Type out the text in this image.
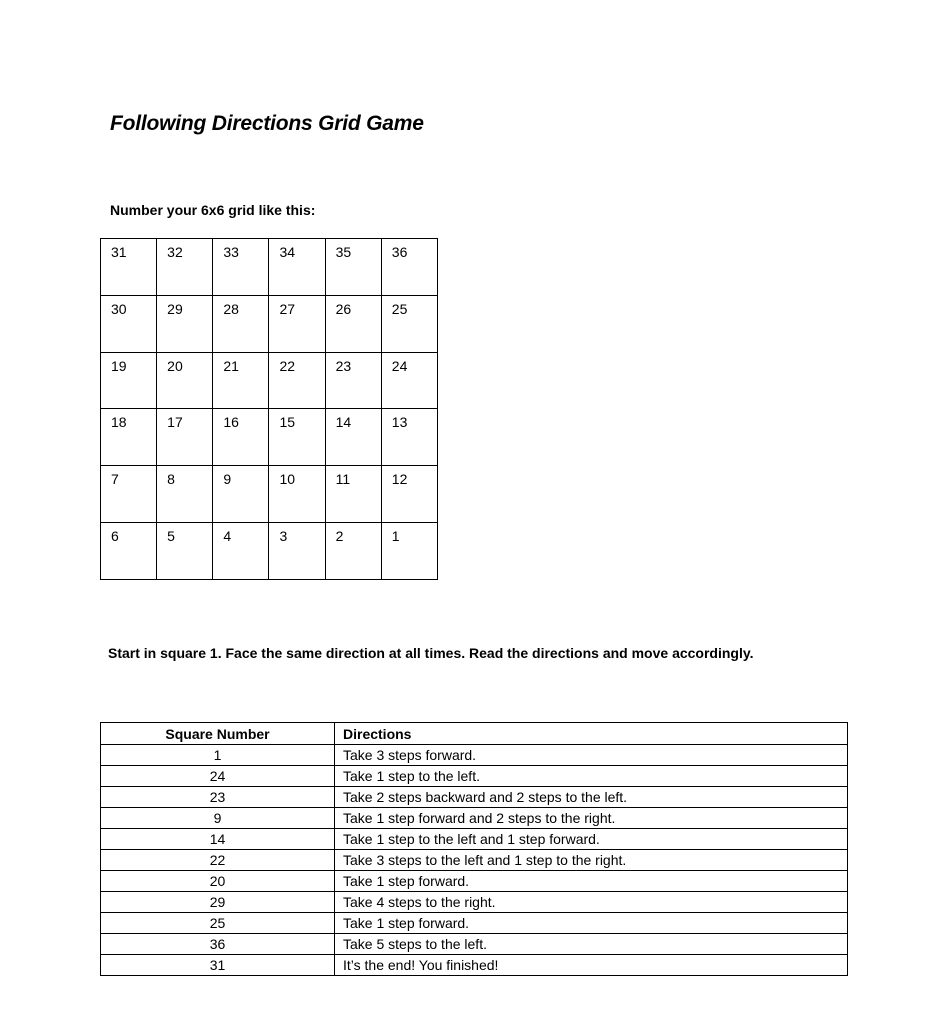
Following Directions Grid Game
Number your 6x6 grid like this:
31	32	33	34	35	36
30	29	28	27	26	25
19	20	21	22	23	24
18	17	16	15	14	13
7	8	9	10	11	12
6	5	4	3	2	1
Start in square 1. Face the same direction at all times. Read the directions and move accordingly.
Square Number	Directions
1	Take 3 steps forward.
24	Take 1 step to the left.
23	Take 2 steps backward and 2 steps to the left.
9	Take 1 step forward and 2 steps to the right.
14	Take 1 step to the left and 1 step forward.
22	Take 3 steps to the left and 1 step to the right.
20	Take 1 step forward.
29	Take 4 steps to the right.
25	Take 1 step forward.
36	Take 5 steps to the left.
31	It’s the end! You finished!
